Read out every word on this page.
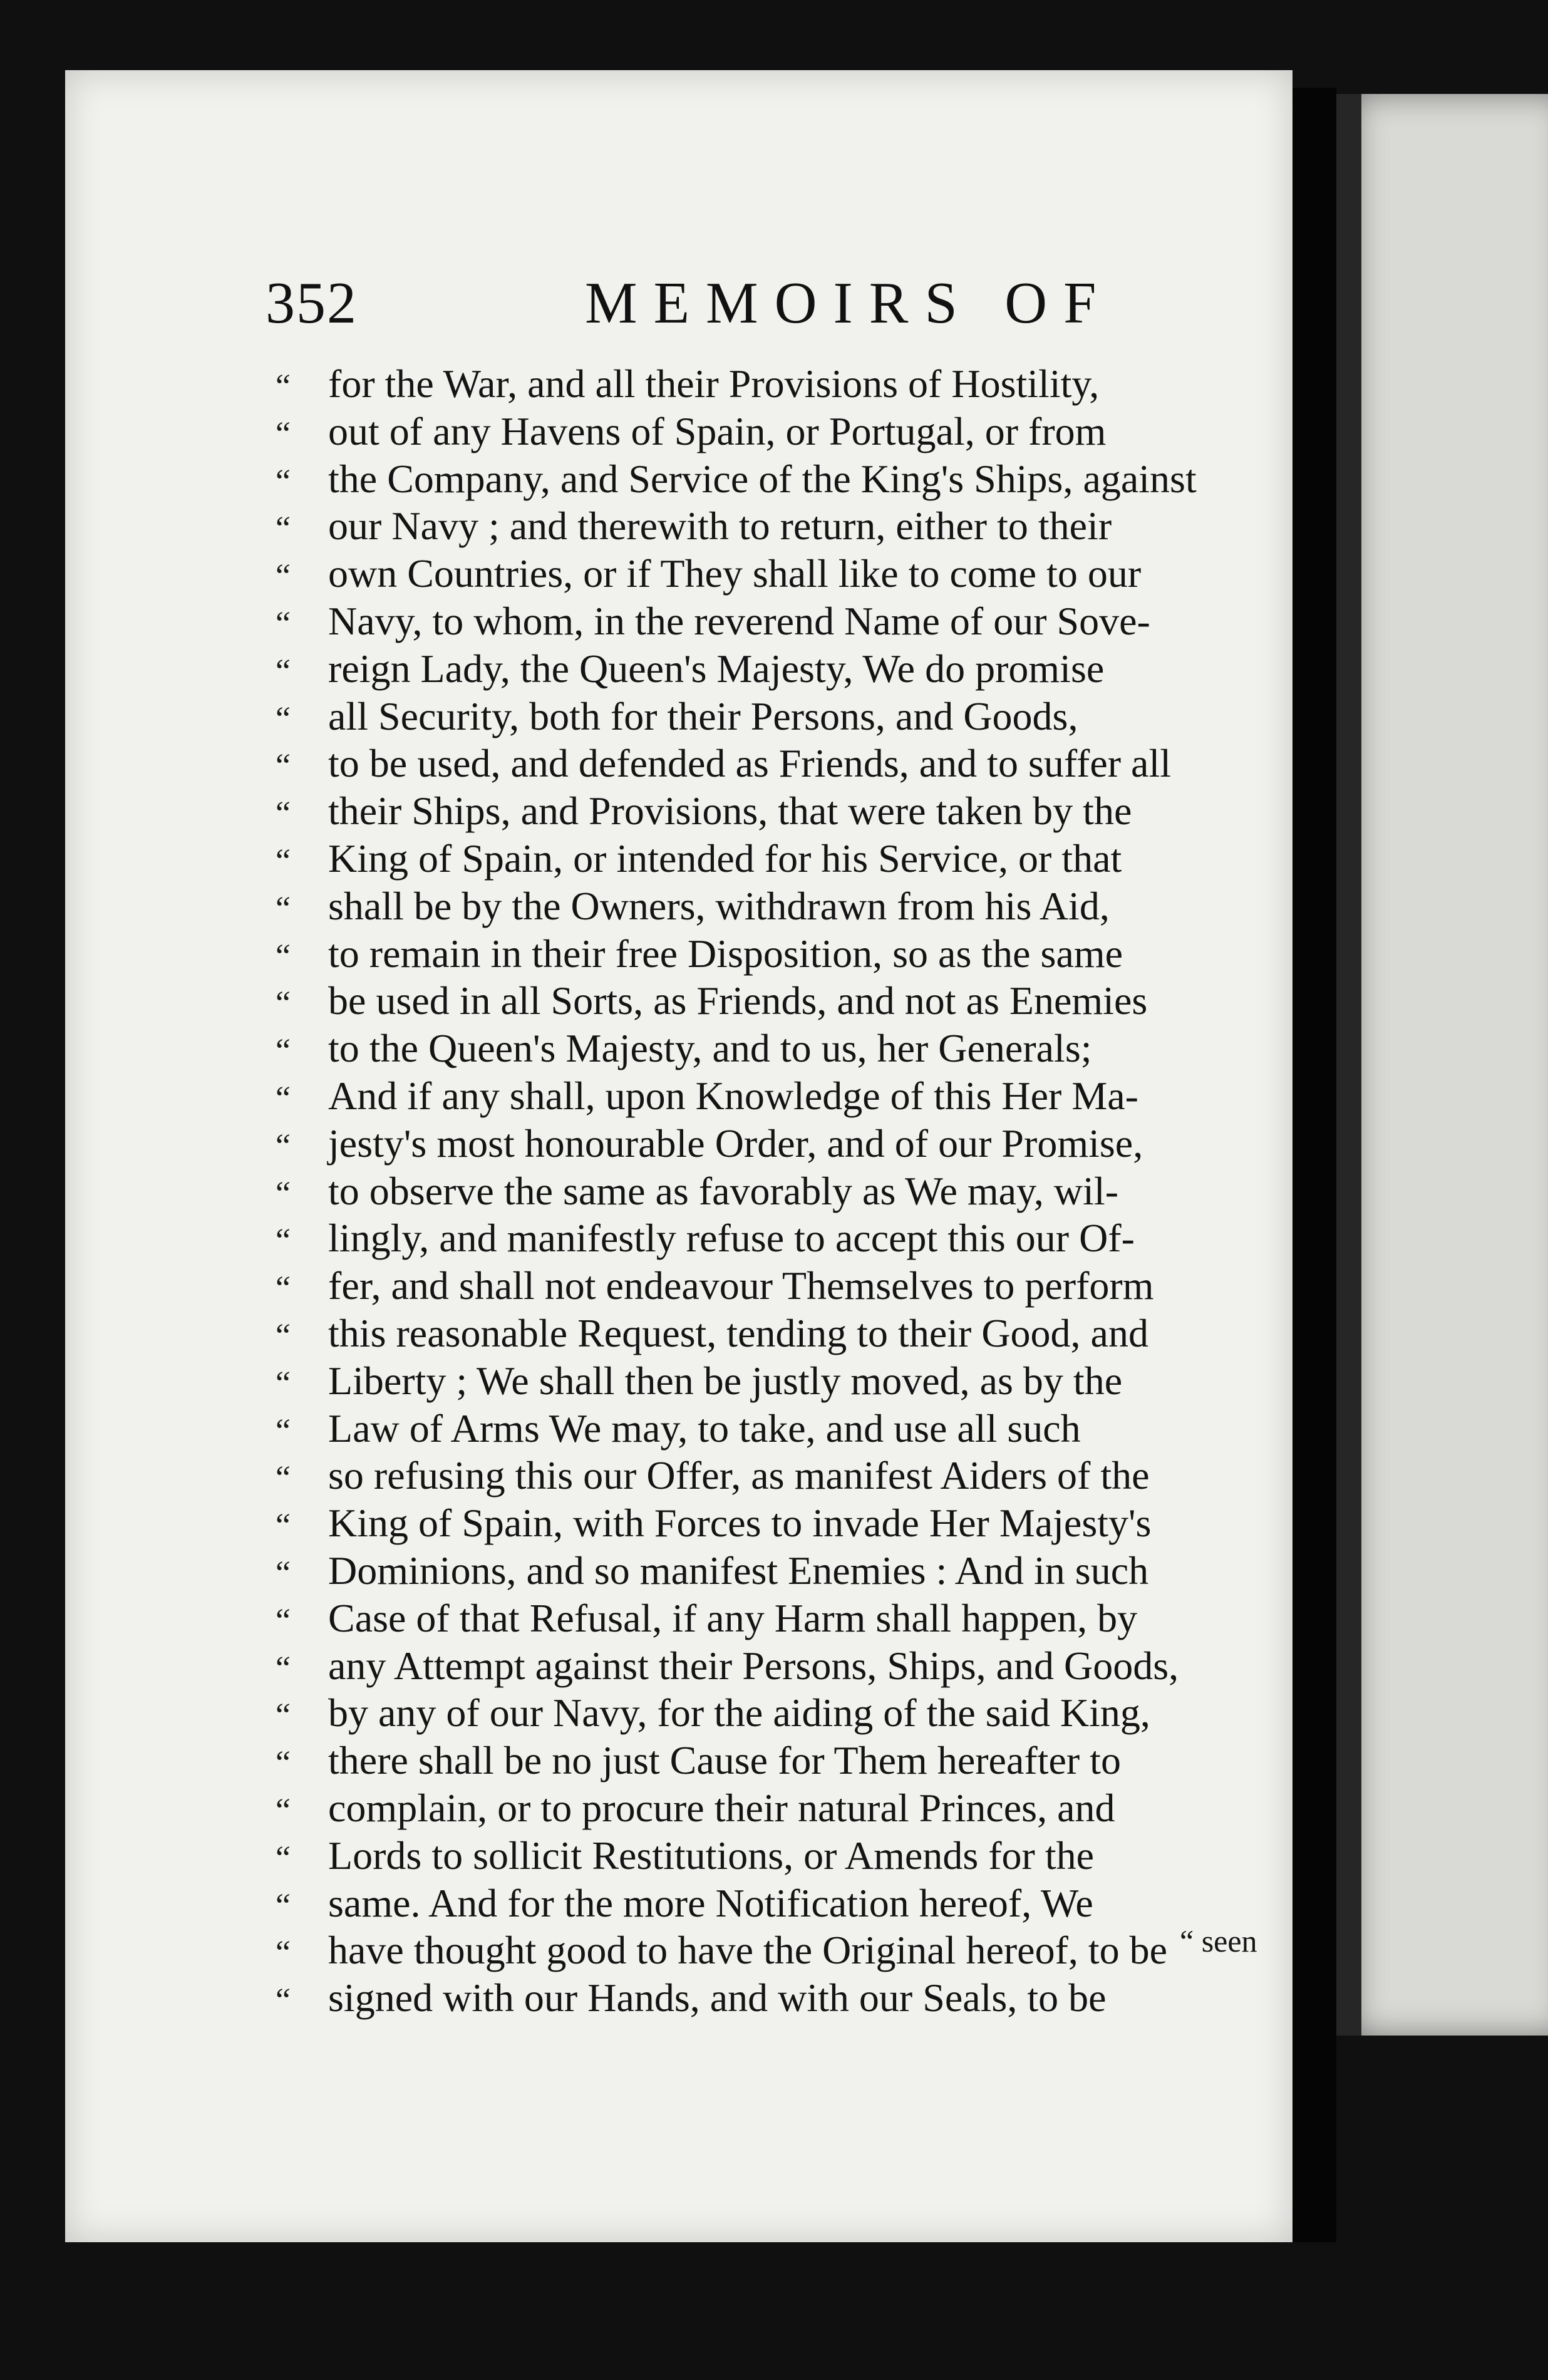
352	MEMOIRS OF
“ for the War, and all their Provisions of Hostility,
“ out of any Havens of Spain, or Portugal, or from
“ the Company, and Service of the King's Ships, against
“ our Navy ; and therewith to return, either to their
“ own Countries, or if They shall like to come to our
“ Navy, to whom, in the reverend Name of our Sove-
“ reign Lady, the Queen's Majesty, We do promise
“ all Security, both for their Persons, and Goods,
“ to be used, and defended as Friends, and to suffer all
“ their Ships, and Provisions, that were taken by the
“ King of Spain, or intended for his Service, or that
“ shall be by the Owners, withdrawn from his Aid,
“ to remain in their free Disposition, so as the same
“ be used in all Sorts, as Friends, and not as Enemies
“ to the Queen's Majesty, and to us, her Generals;
“ And if any shall, upon Knowledge of this Her Ma-
“ jesty's most honourable Order, and of our Promise,
“ to observe the same as favorably as We may, wil-
“ lingly, and manifestly refuse to accept this our Of-
“ fer, and shall not endeavour Themselves to perform
“ this reasonable Request, tending to their Good, and
“ Liberty ; We shall then be justly moved, as by the
“ Law of Arms We may, to take, and use all such
“ so refusing this our Offer, as manifest Aiders of the
“ King of Spain, with Forces to invade Her Majesty's
“ Dominions, and so manifest Enemies : And in such
“ Case of that Refusal, if any Harm shall happen, by
“ any Attempt against their Persons, Ships, and Goods,
“ by any of our Navy, for the aiding of the said King,
“ there shall be no just Cause for Them hereafter to
“ complain, or to procure their natural Princes, and
“ Lords to sollicit Restitutions, or Amends for the
“ same. And for the more Notification hereof, We
“ have thought good to have the Original hereof, to be
“ signed with our Hands, and with our Seals, to be
“ seen
